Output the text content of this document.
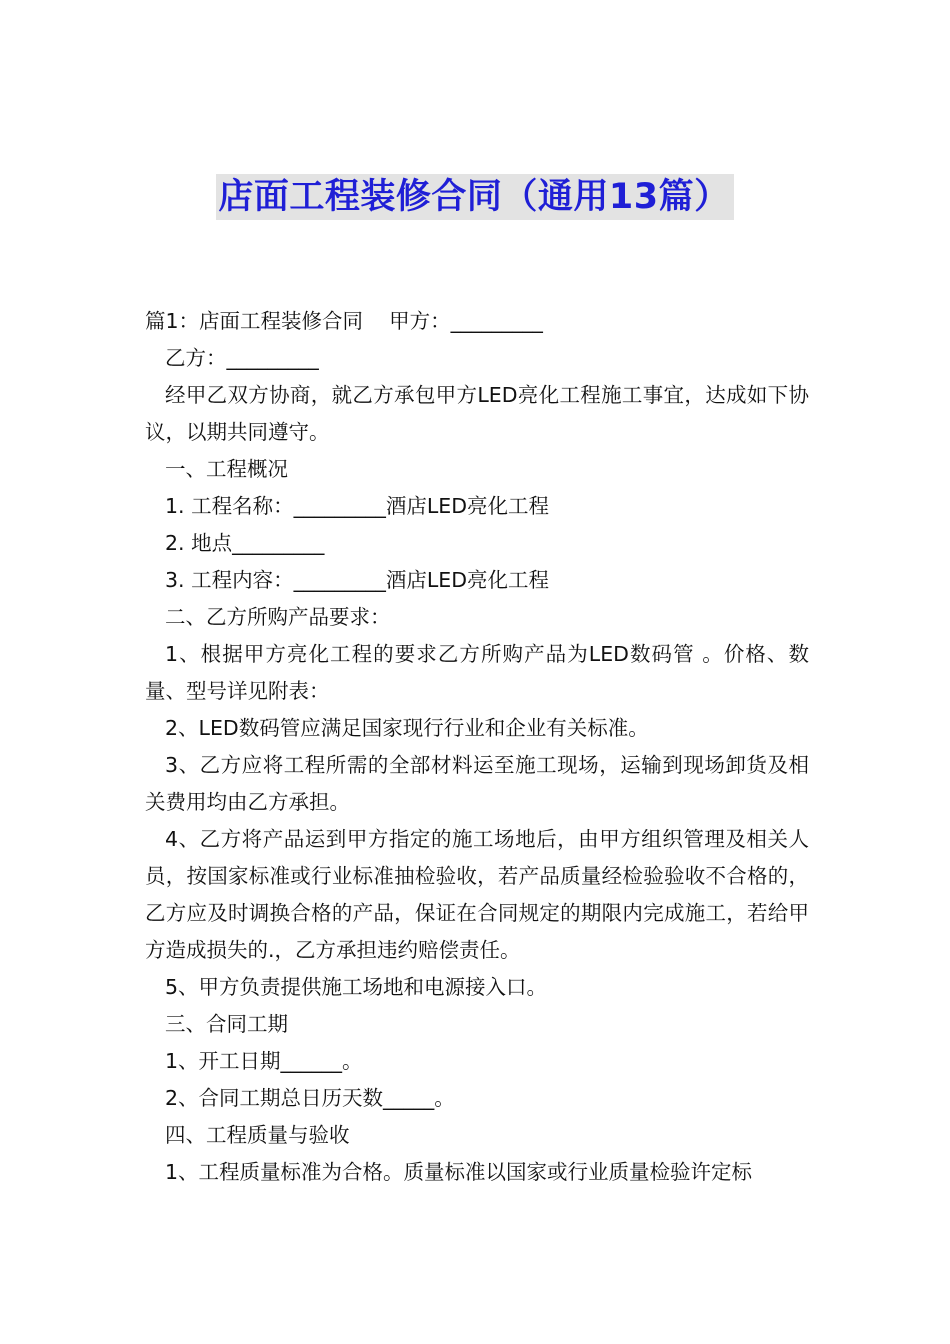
店面工程装修合同（通用13篇）

篇1：店面工程装修合同    甲方：_________

乙方：_________

经甲乙双方协商，就乙方承包甲方LED亮化工程施工事宜，达成如下协议，以期共同遵守。

一、工程概况

1. 工程名称：_________酒店LED亮化工程

2. 地点_________

3. 工程内容：_________酒店LED亮化工程

二、乙方所购产品要求：

1、根据甲方亮化工程的要求乙方所购产品为LED数码管 。价格、数量、型号详见附表：

2、LED数码管应满足国家现行行业和企业有关标准。

3、乙方应将工程所需的全部材料运至施工现场，运输到现场卸货及相关费用均由乙方承担。

4、乙方将产品运到甲方指定的施工场地后，由甲方组织管理及相关人员，按国家标准或行业标准抽检验收，若产品质量经检验验收不合格的，乙方应及时调换合格的产品，保证在合同规定的期限内完成施工，若给甲方造成损失的.，乙方承担违约赔偿责任。

5、甲方负责提供施工场地和电源接入口。

三、合同工期

1、开工日期______。

2、合同工期总日历天数_____。

四、工程质量与验收

1、工程质量标准为合格。质量标准以国家或行业质量检验许定标
